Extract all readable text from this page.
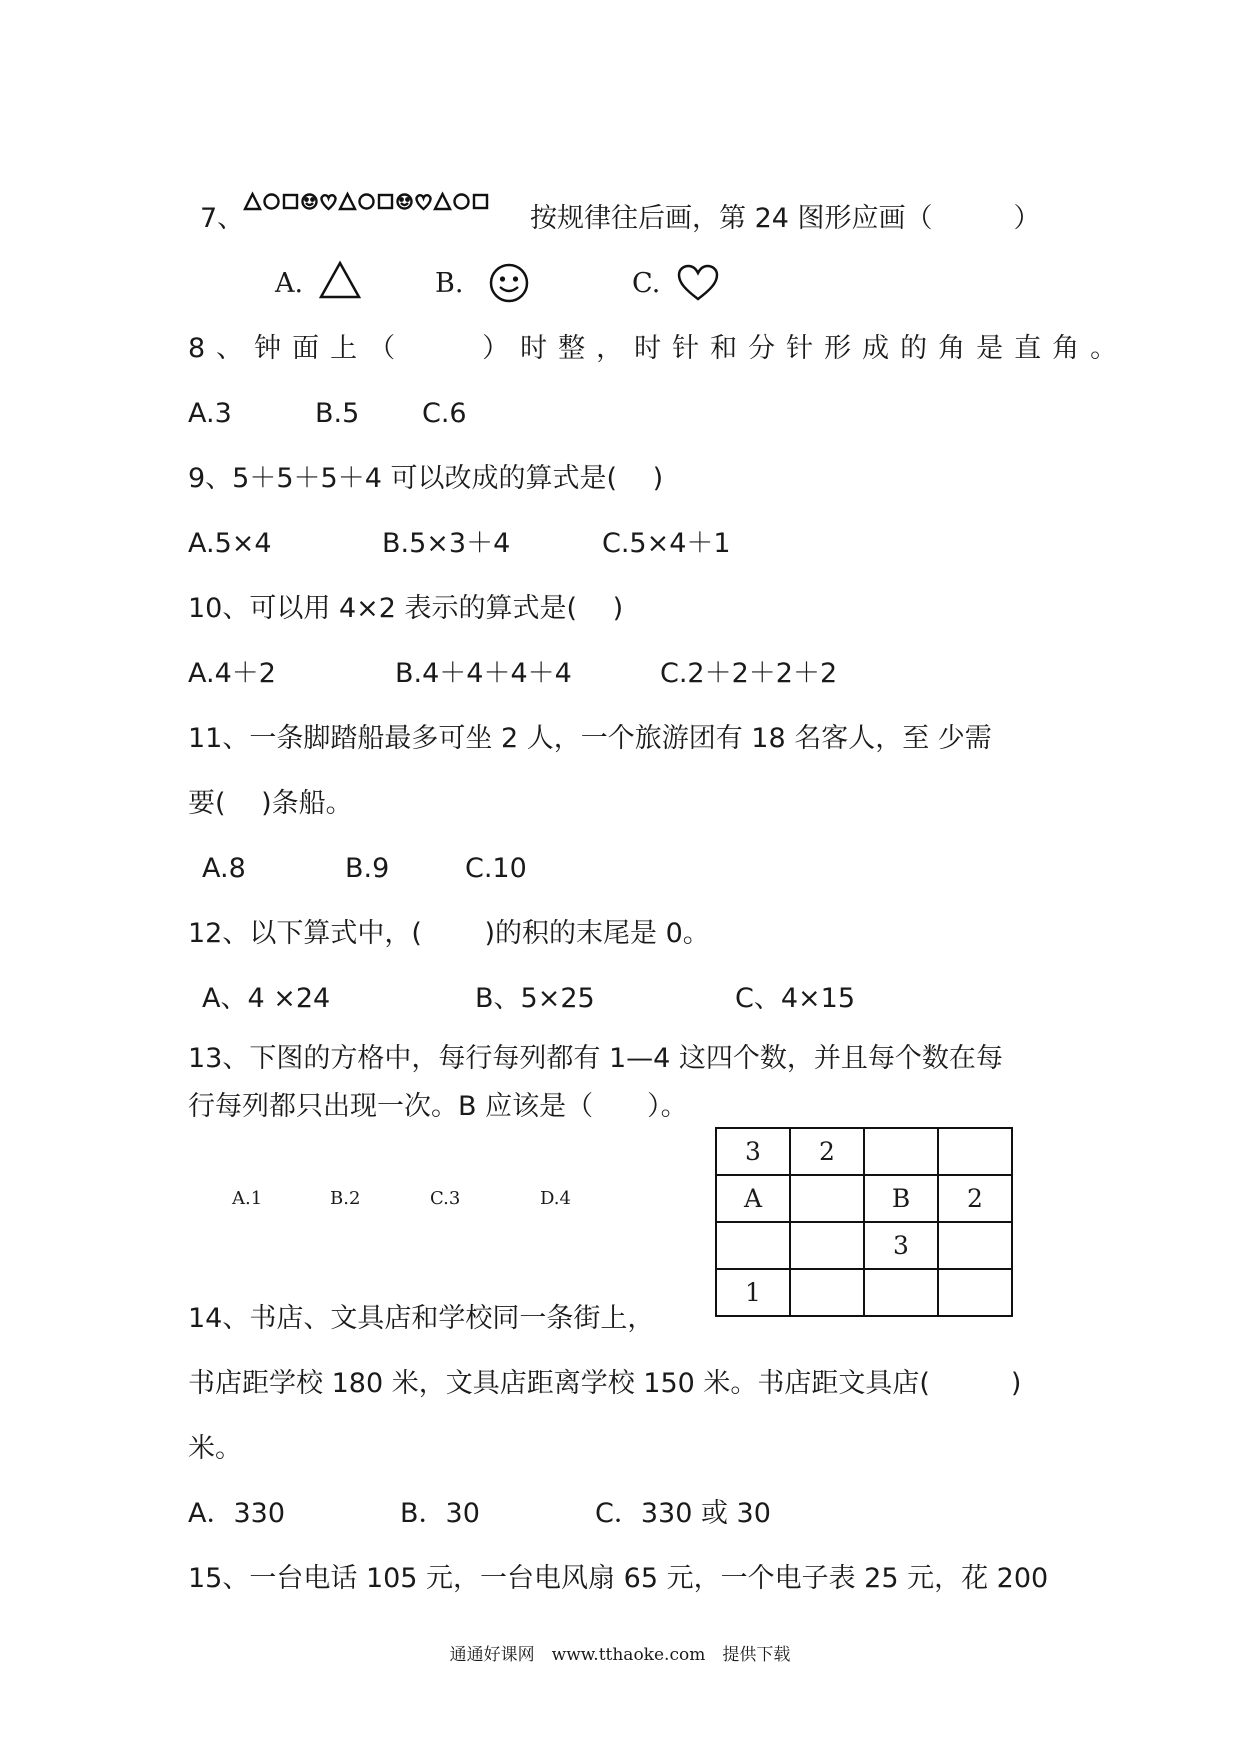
7、	按规律往后画，第 24 图形应画（　　　）
A.	B.	C.
8、钟面上（　　）时整，时针和分针形成的角是直角。
A.3	B.5 C.6
9、5＋5＋5＋4 可以改成的算式是(　 )
A.5×4	B.5×3＋4	C.5×4＋1
10、可以用 4×2 表示的算式是(　 )
A.4＋2	B.4＋4＋4＋4	C.2＋2＋2＋2
11、一条脚踏船最多可坐 2 人，一个旅游团有 18 名客人，至 少需
要(　 )条船。
A.8	B.9	C.10
12、以下算式中，(　　 )的积的末尾是 0。
A、4 ×24	B、5×25	C、4×15
13、下图的方格中，每行每列都有 1—4 这四个数，并且每个数在每
行每列都只出现一次。B 应该是（　　）。
A.1	B.2	C.3	D.4
3	2		
A		B	2
		3	
1			
14、书店、文具店和学校同一条街上，
书店距学校 180 米，文具店距离学校 150 米。书店距文具店(　　　)
米。
A．330	B．30	C．330 或 30
15、一台电话 105 元，一台电风扇 65 元，一个电子表 25 元，花 200
通通好课网　www.tthaoke.com　提供下载
